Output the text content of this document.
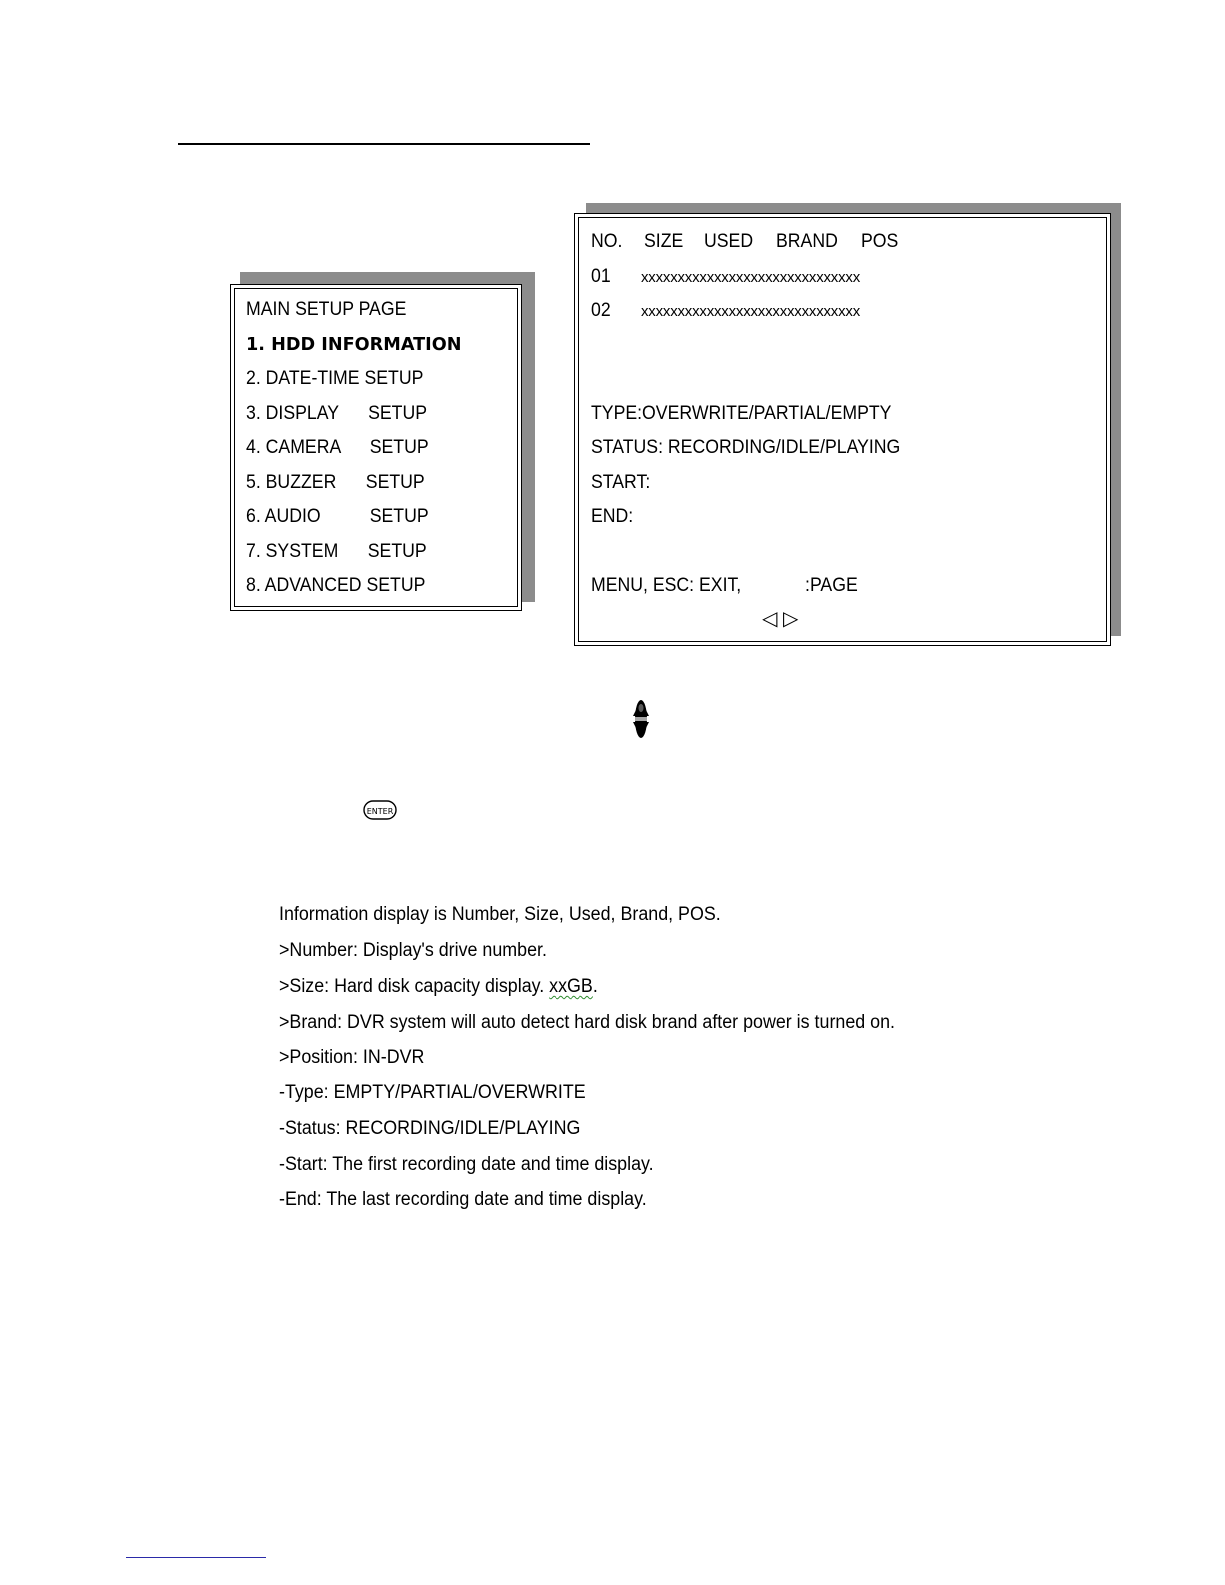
MAIN SETUP PAGE
1. HDD INFORMATION
2. DATE-TIME SETUP
3. DISPLAY      SETUP
4. CAMERA      SETUP
5. BUZZER      SETUP
6. AUDIO          SETUP
7. SYSTEM      SETUP
8. ADVANCED SETUP
NO. SIZE USED BRAND POS
01 xxxxxxxxxxxxxxxxxxxxxxxxxxxxxx
02 xxxxxxxxxxxxxxxxxxxxxxxxxxxxxx
TYPE:OVERWRITE/PARTIAL/EMPTY
STATUS: RECORDING/IDLE/PLAYING
START:
END:
MENU, ESC: EXIT,             :PAGE
◁ ▷
ENTER
Information display is Number, Size, Used, Brand, POS.
>Number: Display's drive number.
>Size: Hard disk capacity display. xxGB.
>Brand: DVR system will auto detect hard disk brand after power is turned on.
>Position: IN-DVR
-Type: EMPTY/PARTIAL/OVERWRITE
-Status: RECORDING/IDLE/PLAYING
-Start: The first recording date and time display.
-End: The last recording date and time display.
